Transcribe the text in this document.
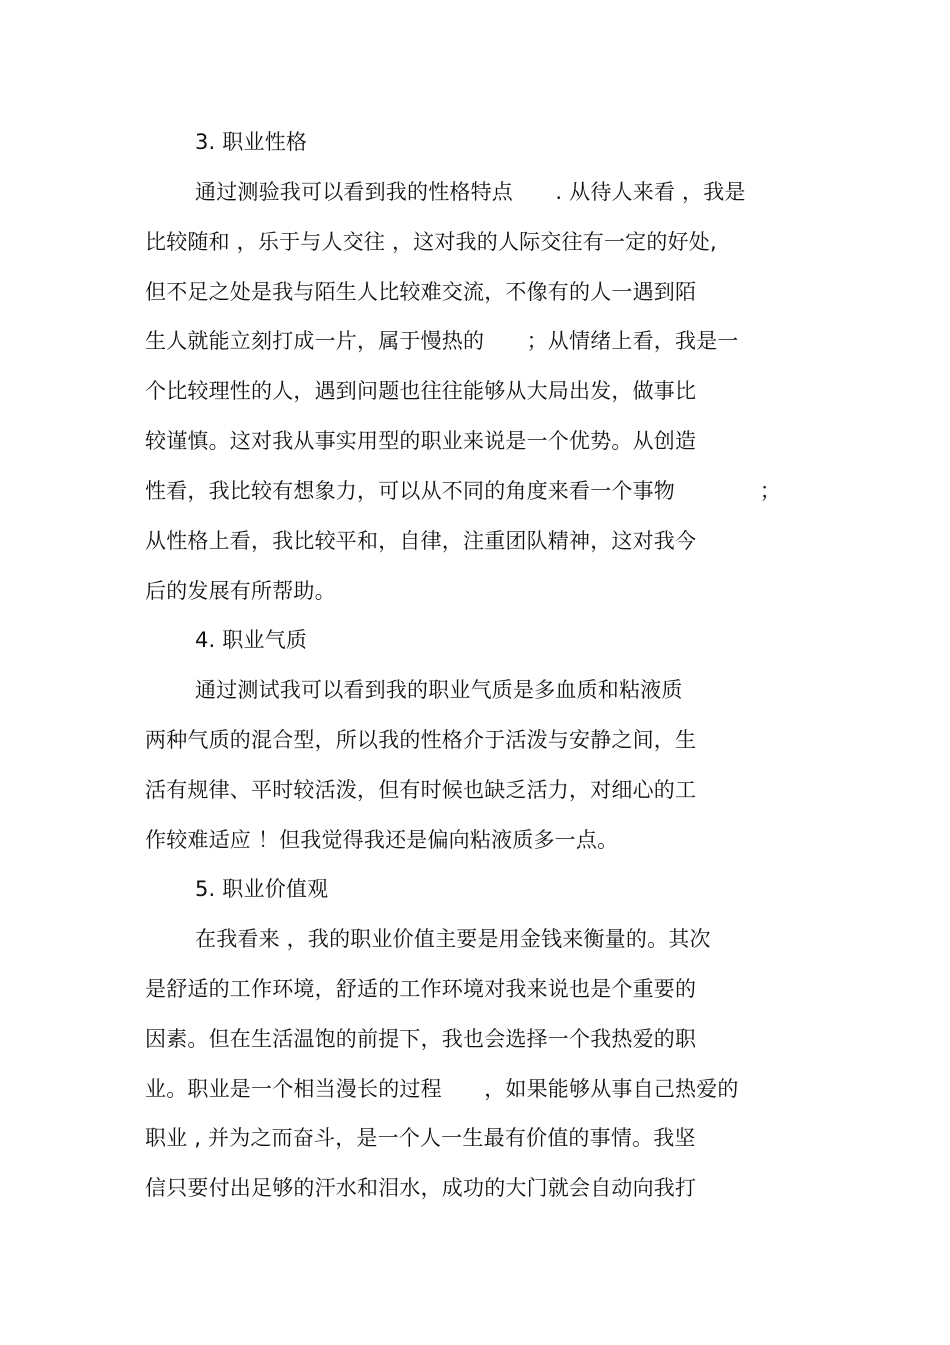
3. 职业性格
通过测验我可以看到我的性格特点　　. 从待人来看 ，我是
比较随和 ，乐于与人交往 ，这对我的人际交往有一定的好处,
但不足之处是我与陌生人比较难交流，不像有的人一遇到陌
生人就能立刻打成一片，属于慢热的　　；从情绪上看，我是一
个比较理性的人，遇到问题也往往能够从大局出发，做事比
较谨慎。这对我从事实用型的职业来说是一个优势。从创造
性看，我比较有想象力，可以从不同的角度来看一个事物　　　　；
从性格上看，我比较平和，自律，注重团队精神，这对我今
后的发展有所帮助。
4. 职业气质
通过测试我可以看到我的职业气质是多血质和粘液质
两种气质的混合型，所以我的性格介于活泼与安静之间，生
活有规律、平时较活泼，但有时候也缺乏活力，对细心的工
作较难适应 ！但我觉得我还是偏向粘液质多一点。
5. 职业价值观
在我看来 ，我的职业价值主要是用金钱来衡量的。其次
是舒适的工作环境，舒适的工作环境对我来说也是个重要的
因素。但在生活温饱的前提下，我也会选择一个我热爱的职
业。职业是一个相当漫长的过程　　，如果能够从事自己热爱的
职业 , 并为之而奋斗，是一个人一生最有价值的事情。我坚
信只要付出足够的汗水和泪水，成功的大门就会自动向我打
